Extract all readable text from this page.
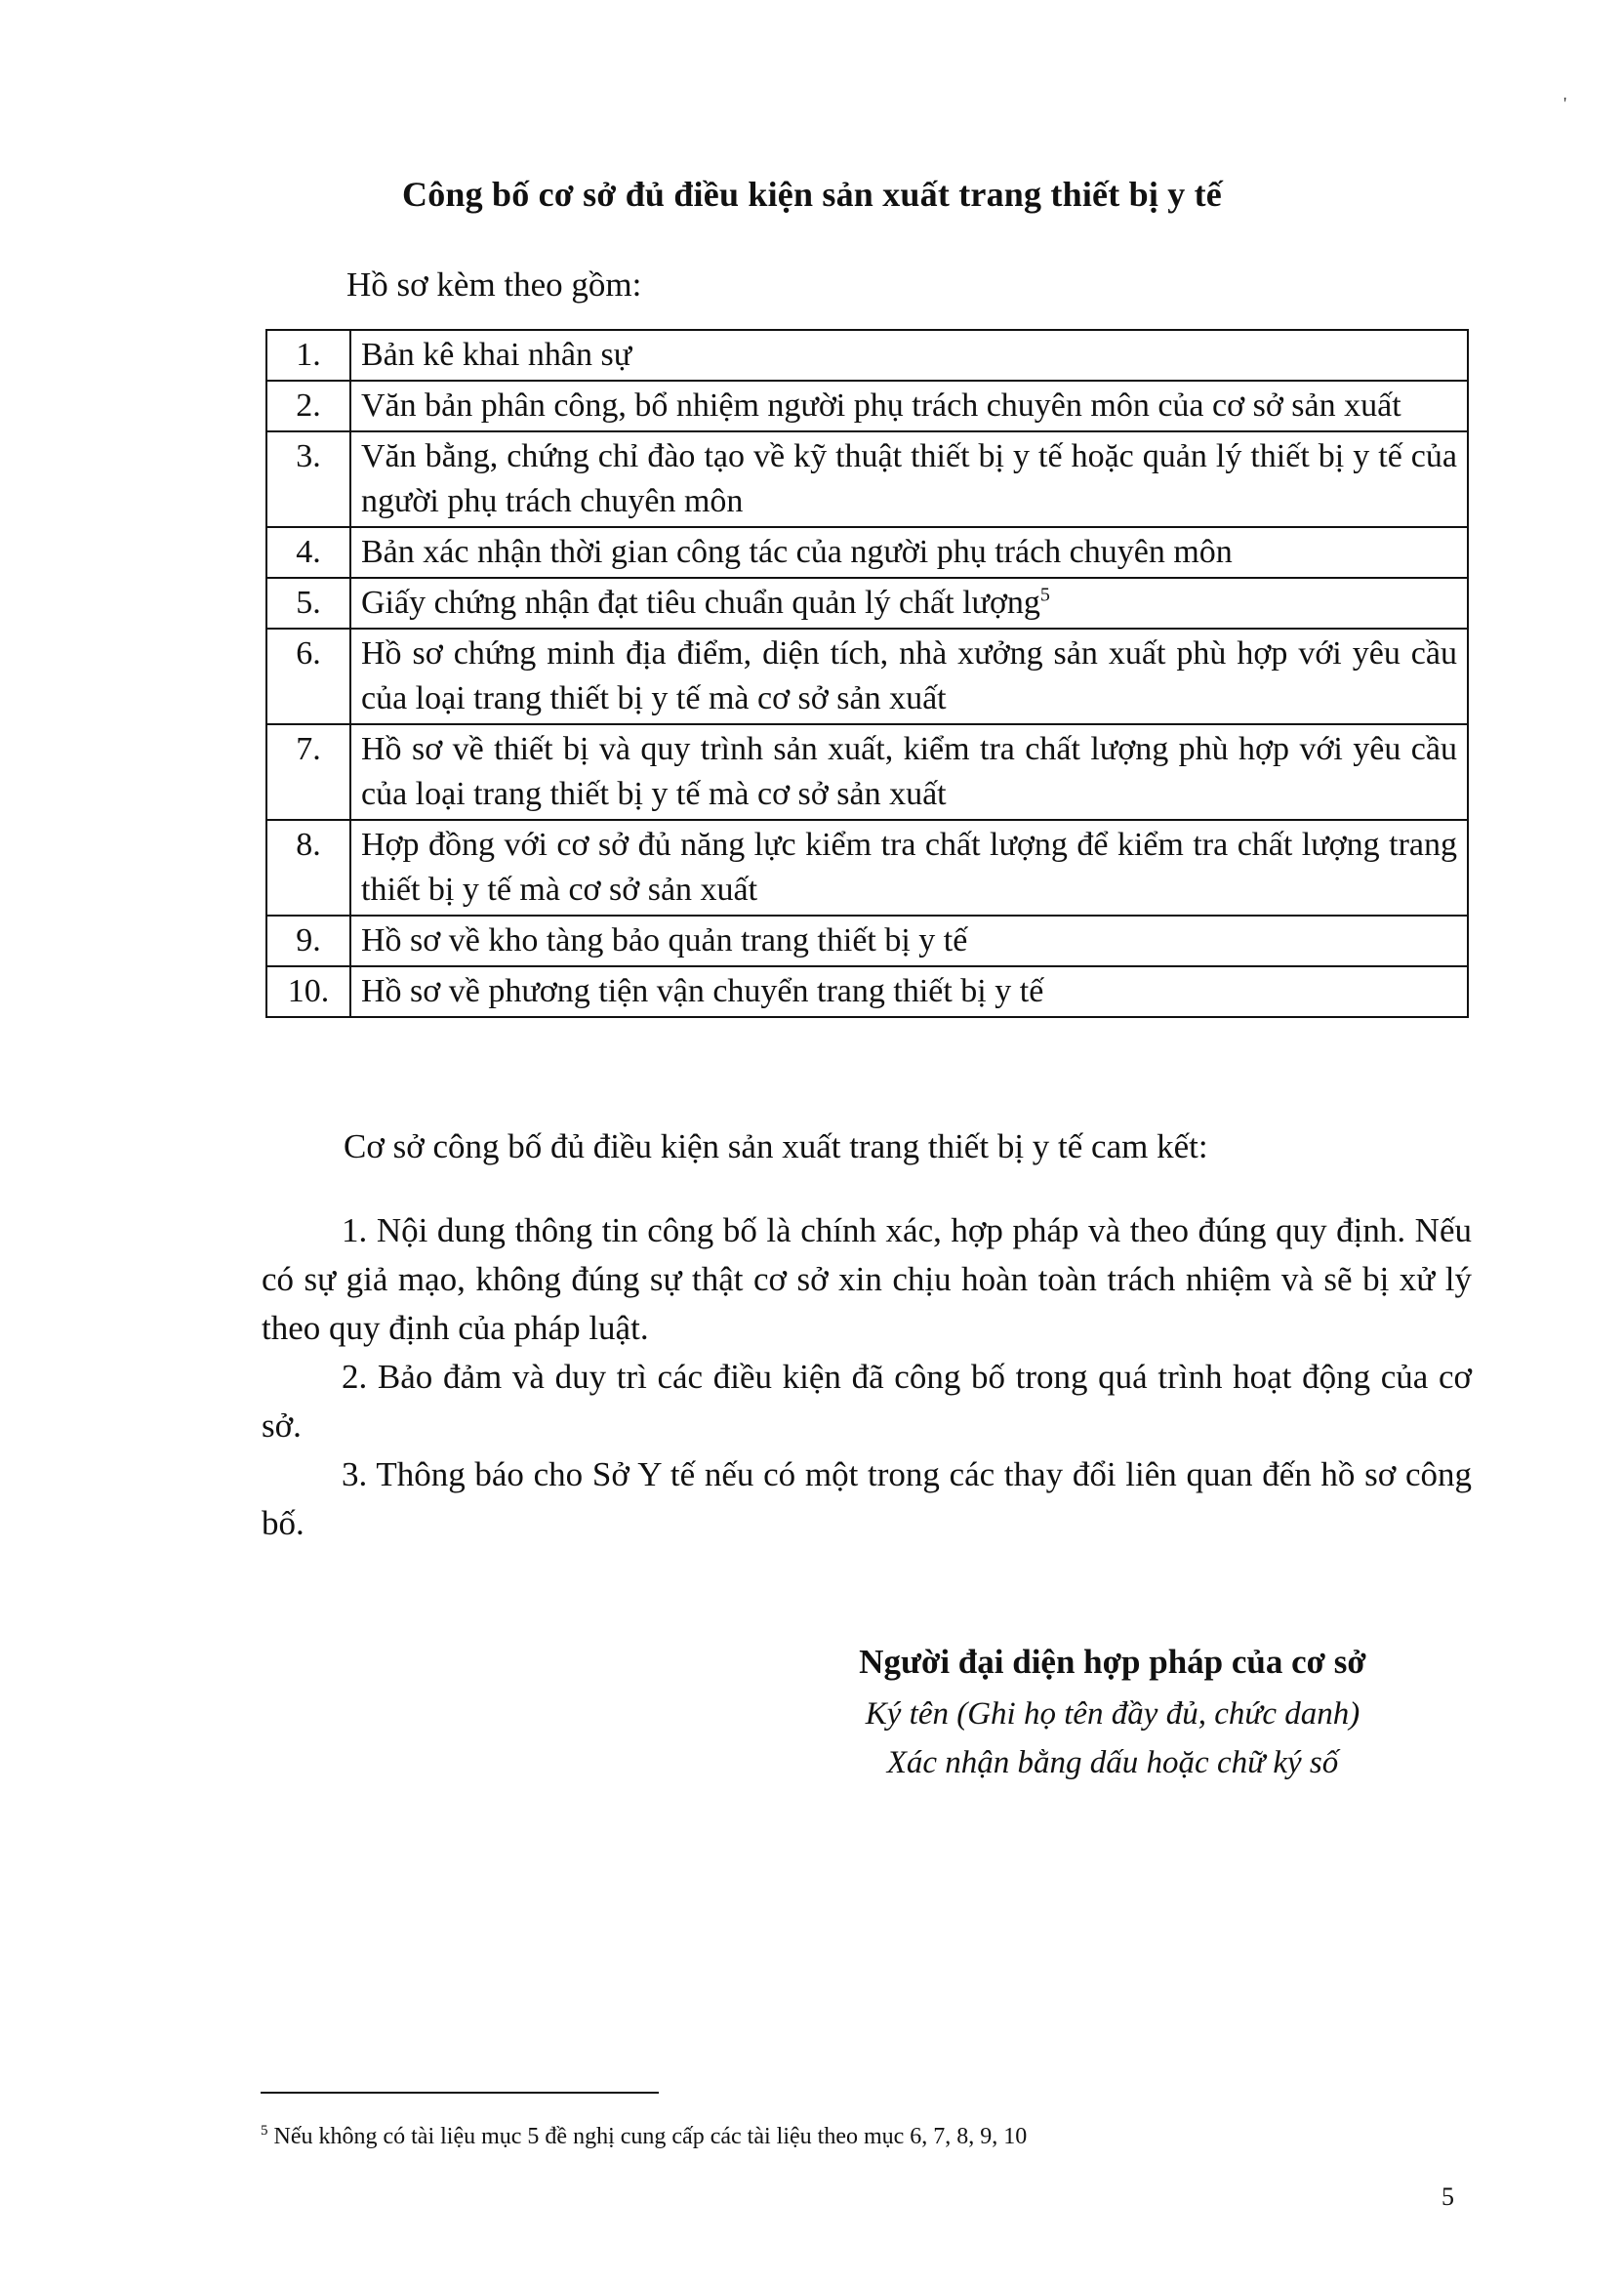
'
Công bố cơ sở đủ điều kiện sản xuất trang thiết bị y tế
Hồ sơ kèm theo gồm:
1.	Bản kê khai nhân sự
2.	Văn bản phân công, bổ nhiệm người phụ trách chuyên môn của cơ sở sản xuất
3.	Văn bằng, chứng chỉ đào tạo về kỹ thuật thiết bị y tế hoặc quản lý thiết bị y tế của người phụ trách chuyên môn
4.	Bản xác nhận thời gian công tác của người phụ trách chuyên môn
5.	Giấy chứng nhận đạt tiêu chuẩn quản lý chất lượng$^5$
6.	Hồ sơ chứng minh địa điểm, diện tích, nhà xưởng sản xuất phù hợp với yêu cầu của loại trang thiết bị y tế mà cơ sở sản xuất
7.	Hồ sơ về thiết bị và quy trình sản xuất, kiểm tra chất lượng phù hợp với yêu cầu của loại trang thiết bị y tế mà cơ sở sản xuất
8.	Hợp đồng với cơ sở đủ năng lực kiểm tra chất lượng để kiểm tra chất lượng trang thiết bị y tế mà cơ sở sản xuất
9.	Hồ sơ về kho tàng bảo quản trang thiết bị y tế
10.	Hồ sơ về phương tiện vận chuyển trang thiết bị y tế
Cơ sở công bố đủ điều kiện sản xuất trang thiết bị y tế cam kết:
1. Nội dung thông tin công bố là chính xác, hợp pháp và theo đúng quy định. Nếu có sự giả mạo, không đúng sự thật cơ sở xin chịu hoàn toàn trách nhiệm và sẽ bị xử lý theo quy định của pháp luật.
2. Bảo đảm và duy trì các điều kiện đã công bố trong quá trình hoạt động của cơ sở.
3. Thông báo cho Sở Y tế nếu có một trong các thay đổi liên quan đến hồ sơ công bố.
Người đại diện hợp pháp của cơ sở
Ký tên (Ghi họ tên đầy đủ, chức danh)
Xác nhận bằng dấu hoặc chữ ký số
$^5$ Nếu không có tài liệu mục 5 đề nghị cung cấp các tài liệu theo mục 6, 7, 8, 9, 10
5
